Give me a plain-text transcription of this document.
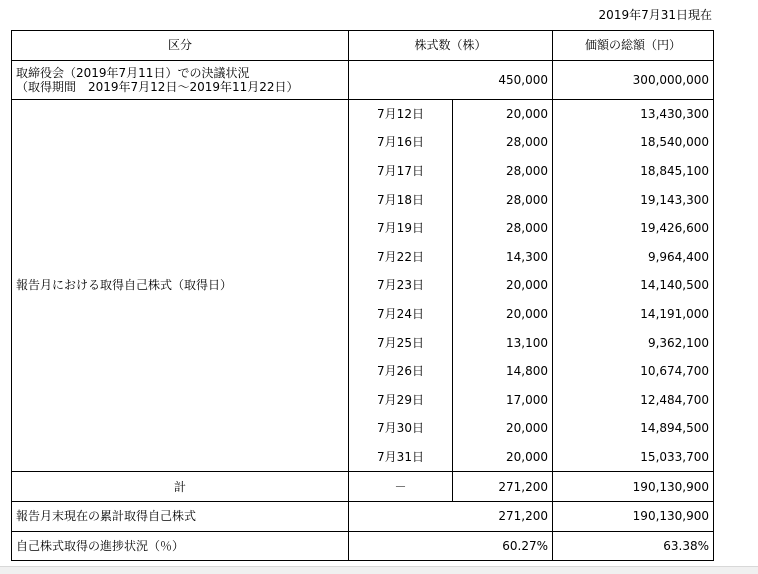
2019年7月31日現在
区分	株式数（株）		価額の総額（円）

取締役会（2019年7月11日）での決議状況
（取得期間　2019年7月12日～2019年11月22日）	450,000		300,000,000
報告月における取得自己株式（取得日）	7月12日	20,000	13,430,300
	7月16日	28,000	18,540,000
	7月17日	28,000	18,845,100
	7月18日	28,000	19,143,300
	7月19日	28,000	19,426,600
	7月22日	14,300	9,964,400
	7月23日	20,000	14,140,500
	7月24日	20,000	14,191,000
	7月25日	13,100	9,362,100
	7月26日	14,800	10,674,700
	7月29日	17,000	12,484,700
	7月30日	20,000	14,894,500
	7月31日	20,000	15,033,700
計	－	271,200	190,130,900
報告月末現在の累計取得自己株式	271,200		190,130,900
自己株式取得の進捗状況（％）	60.27%		63.38%
